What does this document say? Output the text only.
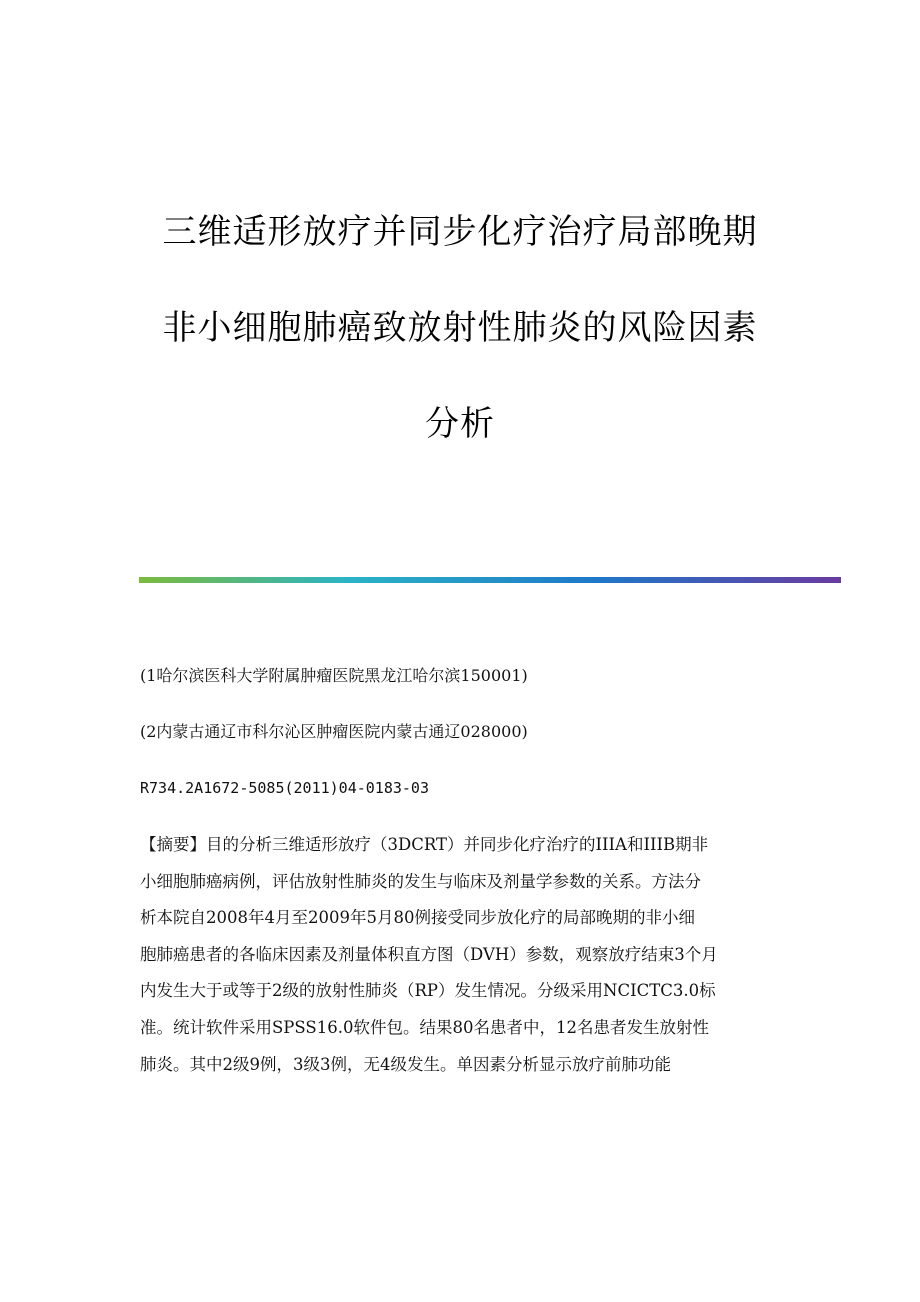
三维适形放疗并同步化疗治疗局部晚期
非小细胞肺癌致放射性肺炎的风险因素
分析
(1哈尔滨医科大学附属肿瘤医院黑龙江哈尔滨150001)
(2内蒙古通辽市科尔沁区肿瘤医院内蒙古通辽028000)
R734.2A1672-5085(2011)04-0183-03
【摘要】目的分析三维适形放疗（3DCRT）并同步化疗治疗的IIIA和IIIB期非
小细胞肺癌病例，评估放射性肺炎的发生与临床及剂量学参数的关系。方法分
析本院自2008年4月至2009年5月80例接受同步放化疗的局部晚期的非小细
胞肺癌患者的各临床因素及剂量体积直方图（DVH）参数，观察放疗结束3个月
内发生大于或等于2级的放射性肺炎（RP）发生情况。分级采用NCICTC3.0标
准。统计软件采用SPSS16.0软件包。结果80名患者中，12名患者发生放射性
肺炎。其中2级9例，3级3例，无4级发生。单因素分析显示放疗前肺功能
